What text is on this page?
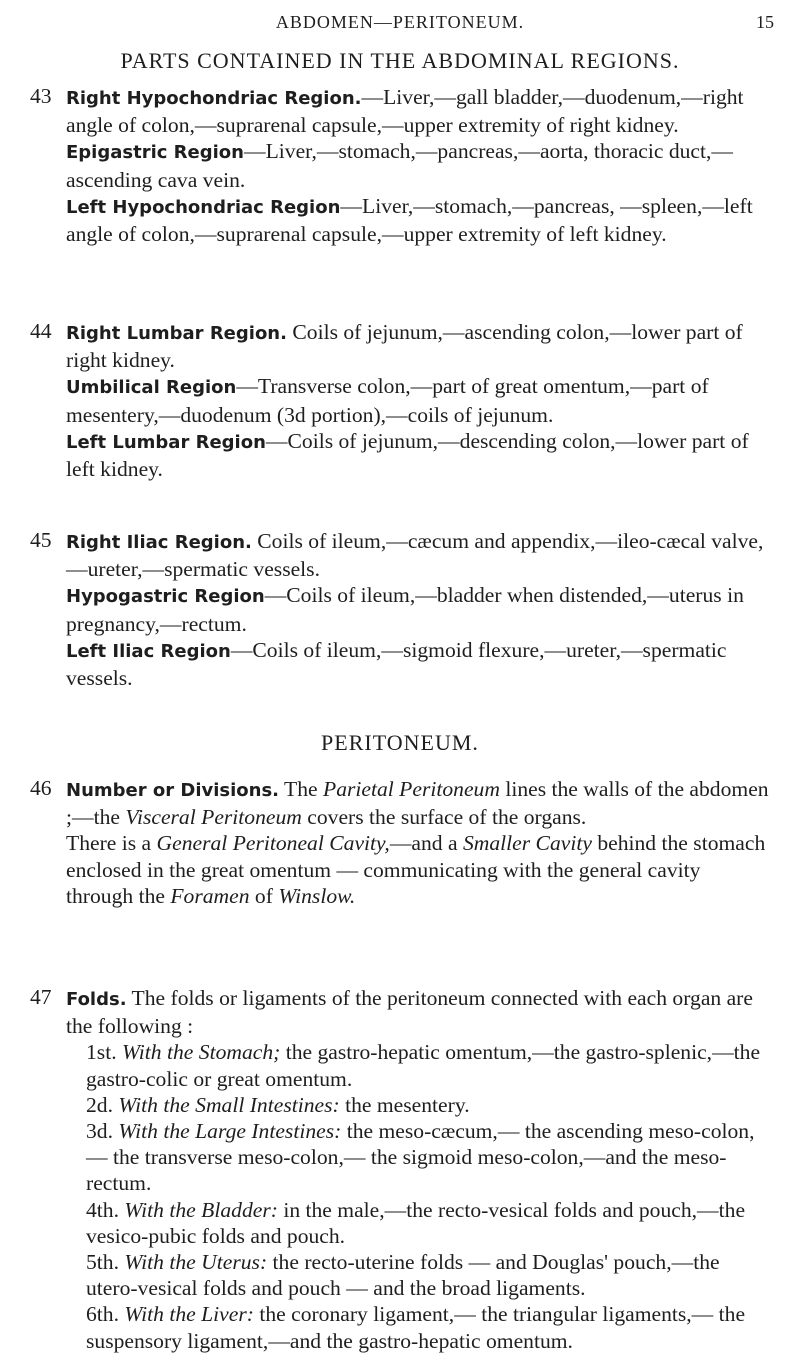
ABDOMEN—PERITONEUM.	15
PARTS CONTAINED IN THE ABDOMINAL REGIONS.
43 Right Hypochondriac Region.—Liver,—gall bladder,—duodenum,—right angle of colon,—suprarenal capsule,—upper extremity of right kidney.
Epigastric Region—Liver,—stomach,—pancreas,—aorta, thoracic duct,—ascending cava vein.
Left Hypochondriac Region—Liver,—stomach,—pancreas, —spleen,—left angle of colon,—suprarenal capsule,—upper extremity of left kidney.
44 Right Lumbar Region. Coils of jejunum,—ascending colon,—lower part of right kidney.
Umbilical Region—Transverse colon,—part of great omentum,—part of mesentery,—duodenum (3d portion),—coils of jejunum.
Left Lumbar Region—Coils of jejunum,—descending colon,—lower part of left kidney.
45 Right Iliac Region. Coils of ileum,—cæcum and appendix,—ileo-cæcal valve,—ureter,—spermatic vessels.
Hypogastric Region—Coils of ileum,—bladder when distended,—uterus in pregnancy,—rectum.
Left Iliac Region—Coils of ileum,—sigmoid flexure,—ureter,—spermatic vessels.
PERITONEUM.
46 Number or Divisions. The Parietal Peritoneum lines the walls of the abdomen ;—the Visceral Peritoneum covers the surface of the organs.
There is a General Peritoneal Cavity,—and a Smaller Cavity behind the stomach enclosed in the great omentum — communicating with the general cavity through the Foramen of Winslow.
47 Folds. The folds or ligaments of the peritoneum connected with each organ are the following :
1st. With the Stomach; the gastro-hepatic omentum,—the gastro-splenic,—the gastro-colic or great omentum.
2d. With the Small Intestines: the mesentery.
3d. With the Large Intestines: the meso-cæcum,— the ascending meso-colon,— the transverse meso-colon,— the sigmoid meso-colon,—and the meso-rectum.
4th. With the Bladder: in the male,—the recto-vesical folds and pouch,—the vesico-pubic folds and pouch.
5th. With the Uterus: the recto-uterine folds — and Douglas' pouch,—the utero-vesical folds and pouch — and the broad ligaments.
6th. With the Liver: the coronary ligament,— the triangular ligaments,— the suspensory ligament,—and the gastro-hepatic omentum.
